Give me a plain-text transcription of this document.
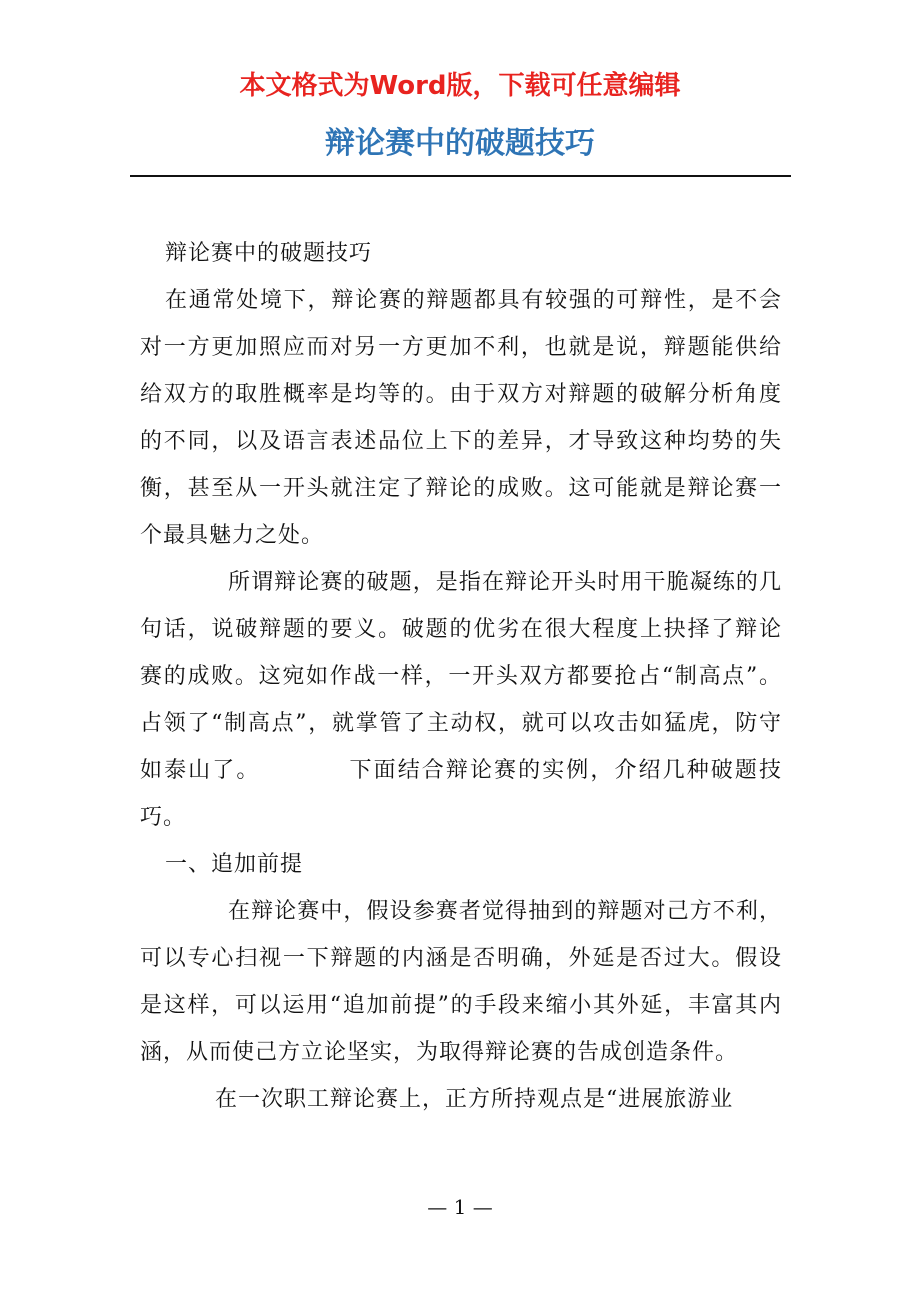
本文格式为Word版，下载可任意编辑
辩论赛中的破题技巧

辩论赛中的破题技巧

在通常处境下，辩论赛的辩题都具有较强的可辩性，是不会对一方更加照应而对另一方更加不利，也就是说，辩题能供给给双方的取胜概率是均等的。由于双方对辩题的破解分析角度的不同，以及语言表述品位上下的差异，才导致这种均势的失衡，甚至从一开头就注定了辩论的成败。这可能就是辩论赛一个最具魅力之处。

所谓辩论赛的破题，是指在辩论开头时用干脆凝练的几句话，说破辩题的要义。破题的优劣在很大程度上抉择了辩论赛的成败。这宛如作战一样，一开头双方都要抢占“制高点”。占领了“制高点”，就掌管了主动权，就可以攻击如猛虎，防守如泰山了。	下面结合辩论赛的实例，介绍几种破题技巧。

一、追加前提

在辩论赛中，假设参赛者觉得抽到的辩题对己方不利，可以专心扫视一下辩题的内涵是否明确，外延是否过大。假设是这样，可以运用“追加前提”的手段来缩小其外延，丰富其内涵，从而使己方立论坚实，为取得辩论赛的告成创造条件。

在一次职工辩论赛上，正方所持观点是“进展旅游业

— 1 —
